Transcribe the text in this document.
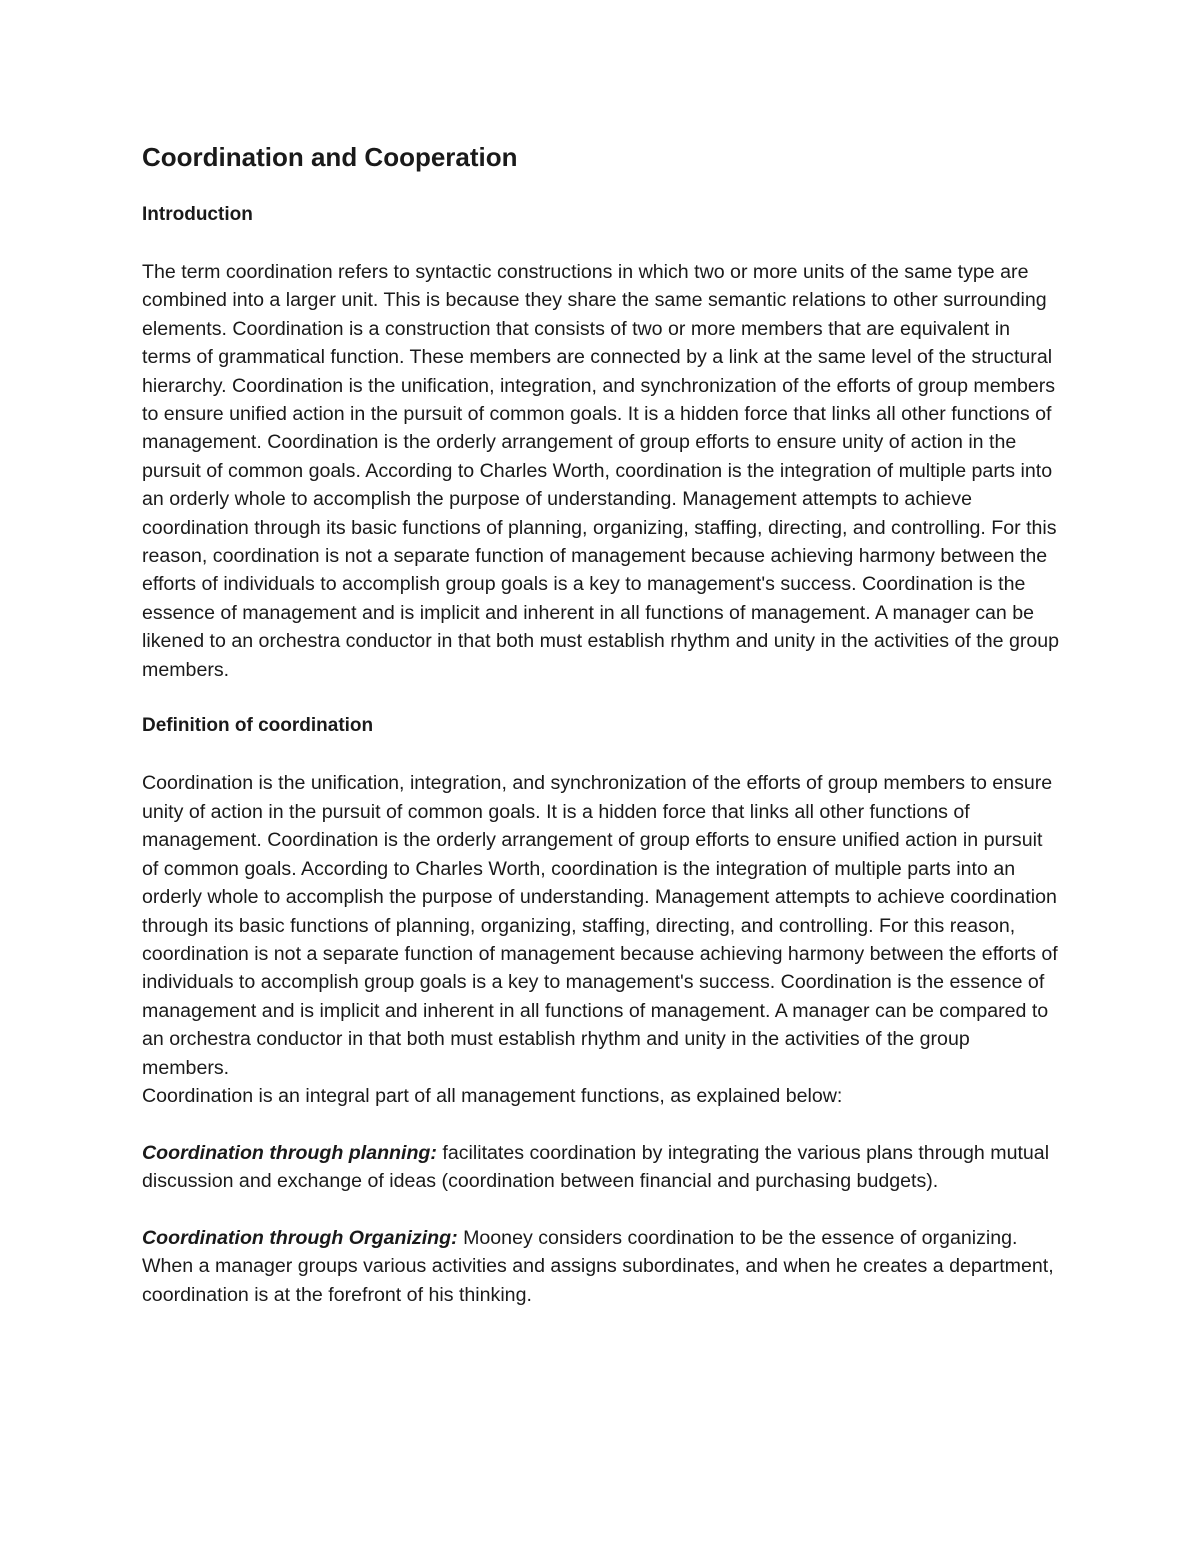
Coordination and Cooperation
Introduction

The term coordination refers to syntactic constructions in which two or more units of the same type are combined into a larger unit. This is because they share the same semantic relations to other surrounding elements. Coordination is a construction that consists of two or more members that are equivalent in terms of grammatical function. These members are connected by a link at the same level of the structural hierarchy. Coordination is the unification, integration, and synchronization of the efforts of group members to ensure unified action in the pursuit of common goals. It is a hidden force that links all other functions of management. Coordination is the orderly arrangement of group efforts to ensure unity of action in the pursuit of common goals. According to Charles Worth, coordination is the integration of multiple parts into an orderly whole to accomplish the purpose of understanding. Management attempts to achieve coordination through its basic functions of planning, organizing, staffing, directing, and controlling. For this reason, coordination is not a separate function of management because achieving harmony between the efforts of individuals to accomplish group goals is a key to management's success. Coordination is the essence of management and is implicit and inherent in all functions of management. A manager can be likened to an orchestra conductor in that both must establish rhythm and unity in the activities of the group members.

Definition of coordination

Coordination is the unification, integration, and synchronization of the efforts of group members to ensure unity of action in the pursuit of common goals. It is a hidden force that links all other functions of management. Coordination is the orderly arrangement of group efforts to ensure unified action in pursuit of common goals. According to Charles Worth, coordination is the integration of multiple parts into an orderly whole to accomplish the purpose of understanding. Management attempts to achieve coordination through its basic functions of planning, organizing, staffing, directing, and controlling. For this reason, coordination is not a separate function of management because achieving harmony between the efforts of individuals to accomplish group goals is a key to management's success. Coordination is the essence of management and is implicit and inherent in all functions of management. A manager can be compared to an orchestra conductor in that both must establish rhythm and unity in the activities of the group members.

Coordination is an integral part of all management functions, as explained below:

Coordination through planning: facilitates coordination by integrating the various plans through mutual discussion and exchange of ideas (coordination between financial and purchasing budgets).

Coordination through Organizing: Mooney considers coordination to be the essence of organizing. When a manager groups various activities and assigns subordinates, and when he creates a department, coordination is at the forefront of his thinking.
